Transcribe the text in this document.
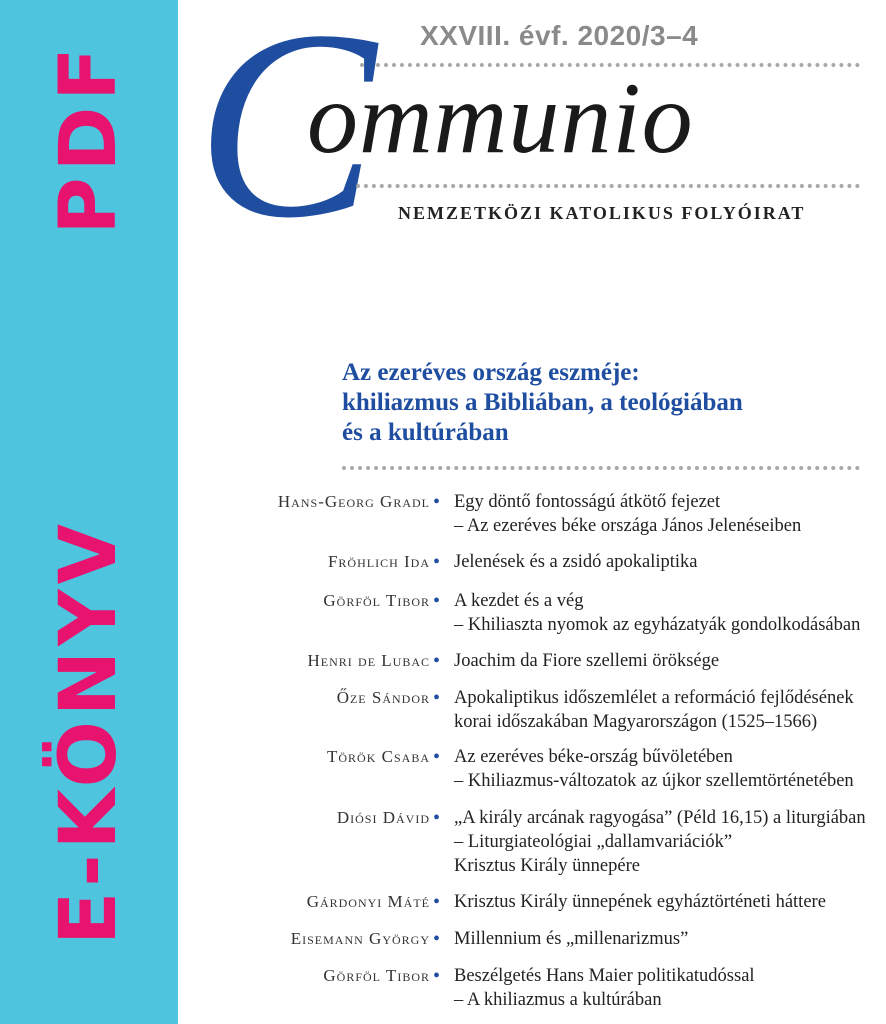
PDF
E-KÖNYV
XXVIII. évf. 2020/3–4
C
ommunio
NEMZETKÖZI KATOLIKUS FOLYÓIRAT
Az ezeréves ország eszméje:
khiliazmus a Bibliában, a teológiában
és a kultúrában
Hans-Georg Gradl • Egy döntő fontosságú átkötő fejezet
– Az ezeréves béke országa János Jelenéseiben
Fröhlich Ida • Jelenések és a zsidó apokaliptika
Görföl Tibor • A kezdet és a vég
– Khiliaszta nyomok az egyházatyák gondolkodásában
Henri de Lubac • Joachim da Fiore szellemi öröksége
Őze Sándor • Apokaliptikus időszemlélet a reformáció fejlődésének
korai időszakában Magyarországon (1525–1566)
Török Csaba • Az ezeréves béke-ország bűvöletében
– Khiliazmus-változatok az újkor szellemtörténetében
Diósi Dávid • „A király arcának ragyogása” (Péld 16,15) a liturgiában
– Liturgiateológiai „dallamvariációk”
Krisztus Király ünnepére
Gárdonyi Máté • Krisztus Király ünnepének egyháztörténeti háttere
Eisemann György • Millennium és „millenarizmus”
Görföl Tibor • Beszélgetés Hans Maier politikatudóssal
– A khiliazmus a kultúrában
